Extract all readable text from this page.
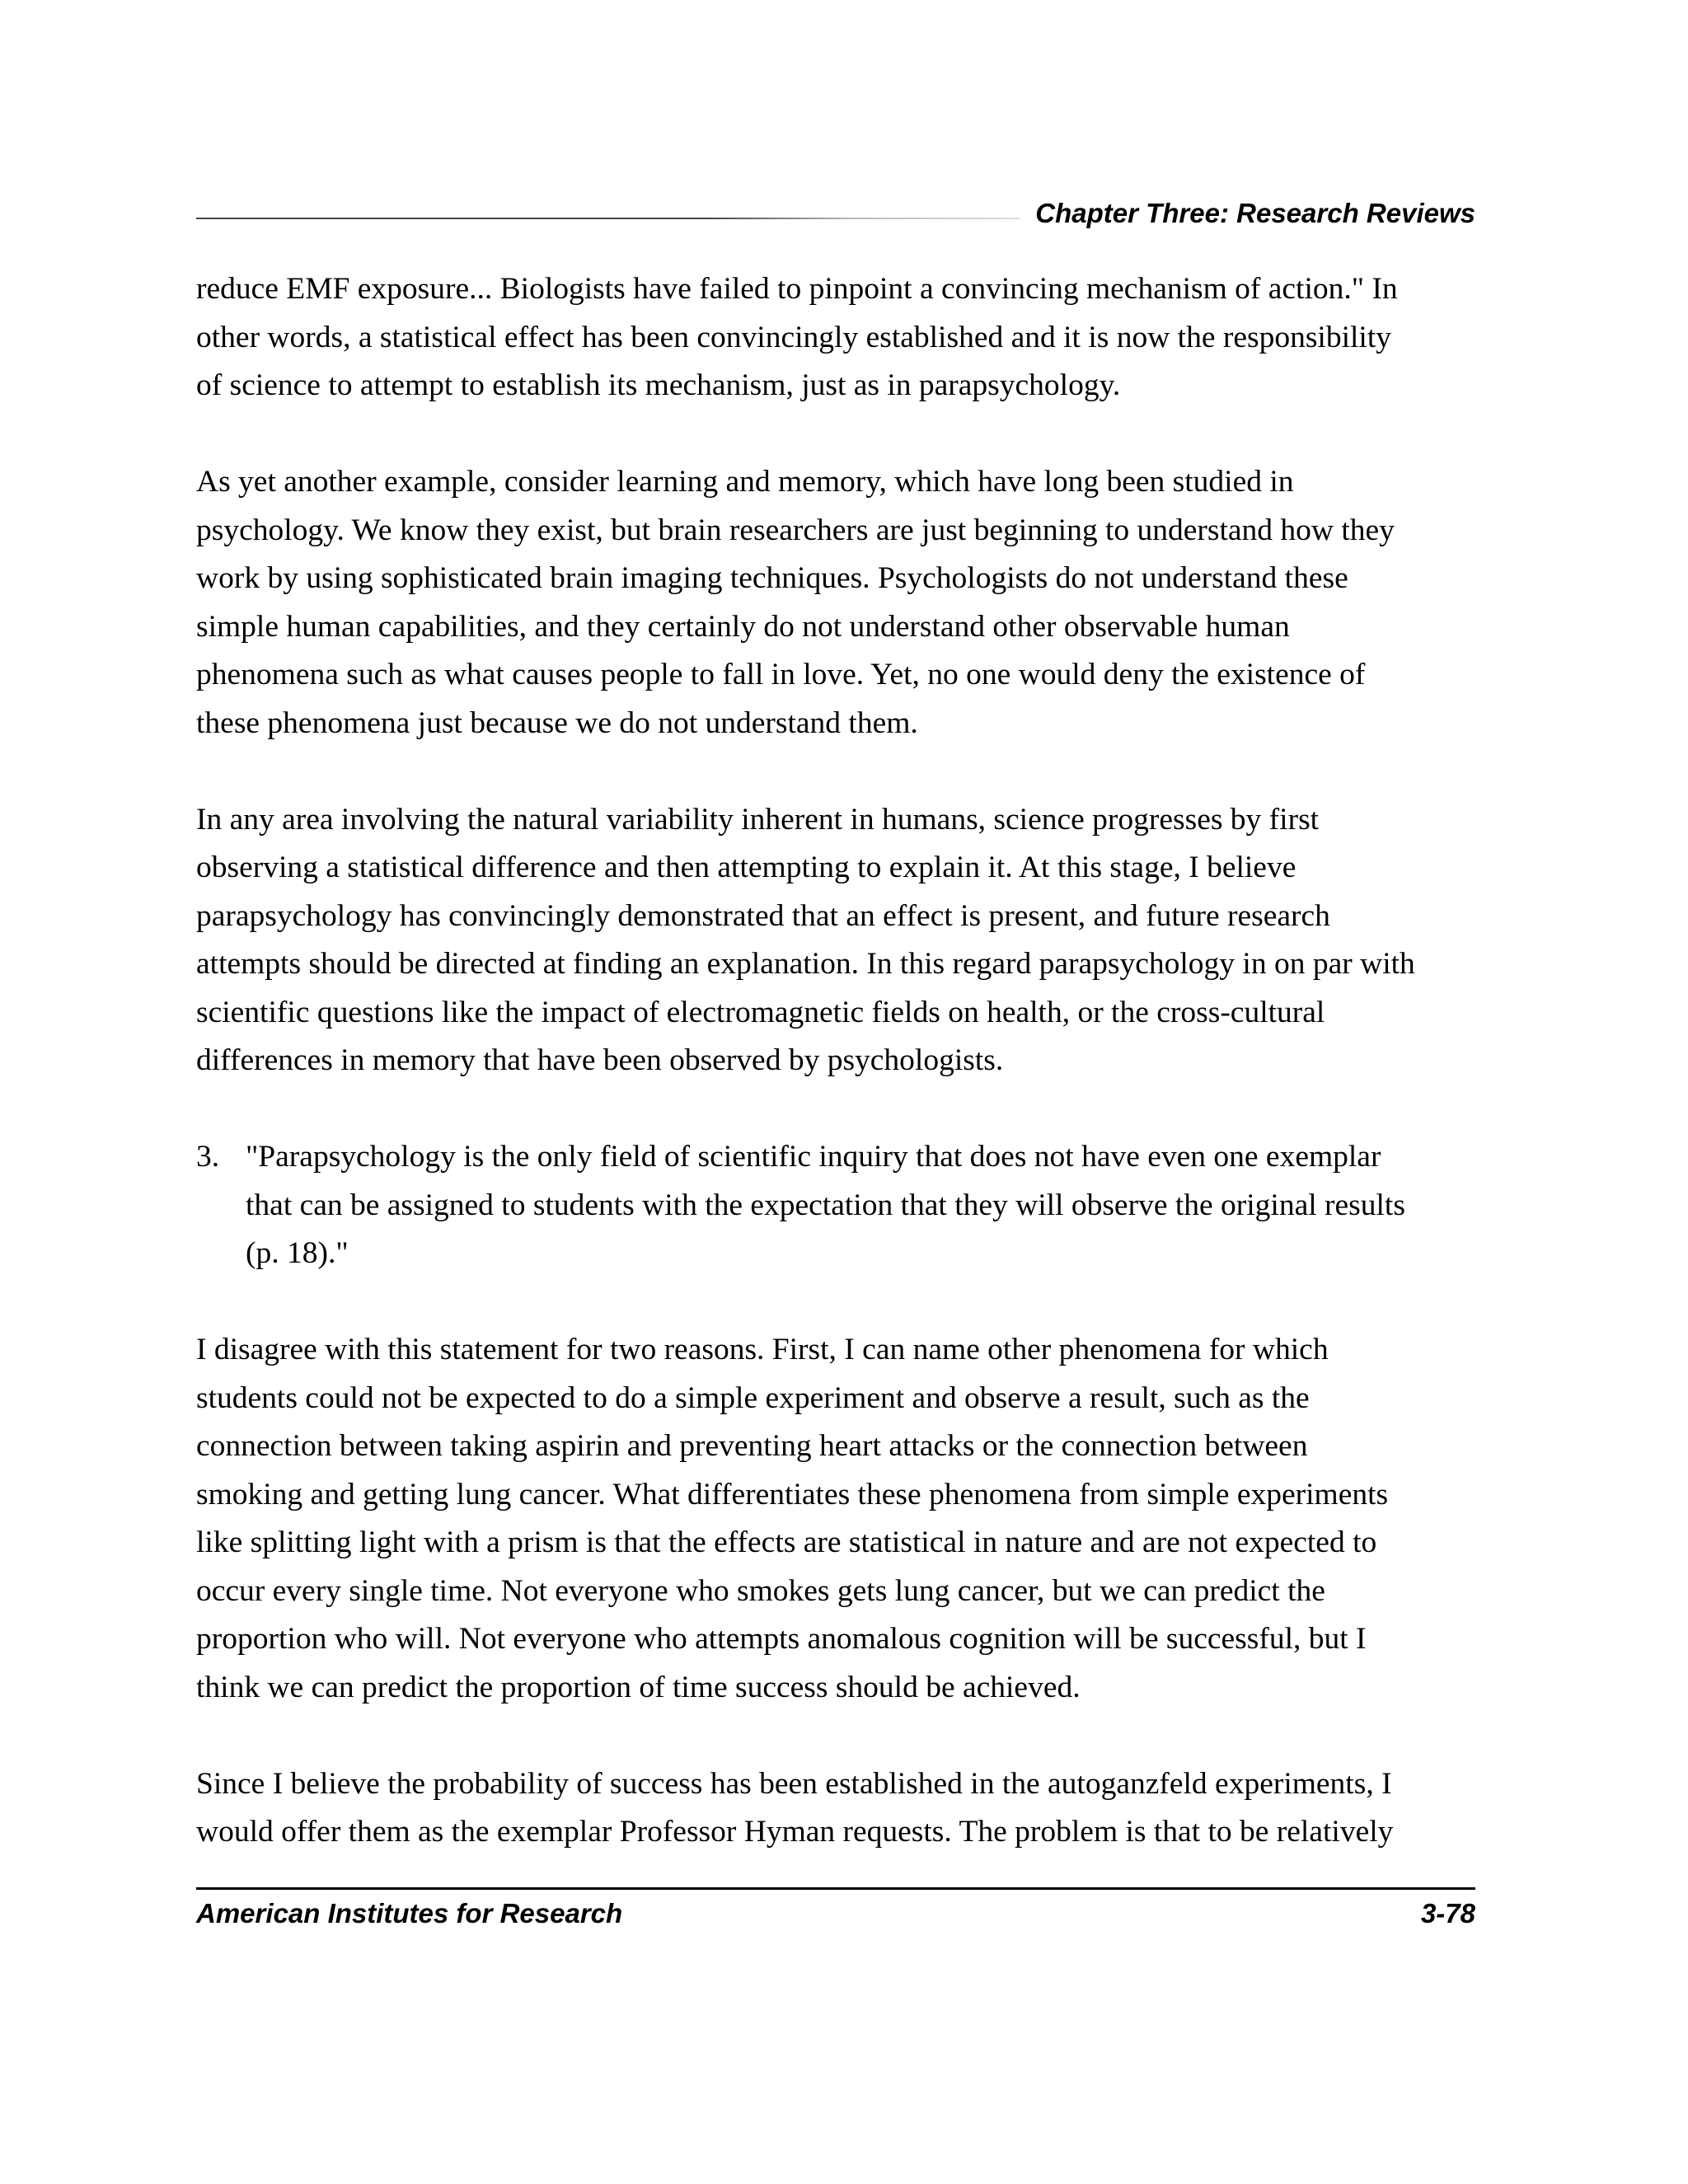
Chapter Three: Research Reviews

reduce EMF exposure... Biologists have failed to pinpoint a convincing mechanism of action." In
other words, a statistical effect has been convincingly established and it is now the responsibility
of science to attempt to establish its mechanism, just as in parapsychology.

As yet another example, consider learning and memory, which have long been studied in
psychology. We know they exist, but brain researchers are just beginning to understand how they
work by using sophisticated brain imaging techniques. Psychologists do not understand these
simple human capabilities, and they certainly do not understand other observable human
phenomena such as what causes people to fall in love. Yet, no one would deny the existence of
these phenomena just because we do not understand them.

In any area involving the natural variability inherent in humans, science progresses by first
observing a statistical difference and then attempting to explain it. At this stage, I believe
parapsychology has convincingly demonstrated that an effect is present, and future research
attempts should be directed at finding an explanation. In this regard parapsychology in on par with
scientific questions like the impact of electromagnetic fields on health, or the cross-cultural
differences in memory that have been observed by psychologists.

3. "Parapsychology is the only field of scientific inquiry that does not have even one exemplar
that can be assigned to students with the expectation that they will observe the original results
(p. 18)."

I disagree with this statement for two reasons. First, I can name other phenomena for which
students could not be expected to do a simple experiment and observe a result, such as the
connection between taking aspirin and preventing heart attacks or the connection between
smoking and getting lung cancer. What differentiates these phenomena from simple experiments
like splitting light with a prism is that the effects are statistical in nature and are not expected to
occur every single time. Not everyone who smokes gets lung cancer, but we can predict the
proportion who will. Not everyone who attempts anomalous cognition will be successful, but I
think we can predict the proportion of time success should be achieved.

Since I believe the probability of success has been established in the autoganzfeld experiments, I
would offer them as the exemplar Professor Hyman requests. The problem is that to be relatively

American Institutes for Research	3-78
